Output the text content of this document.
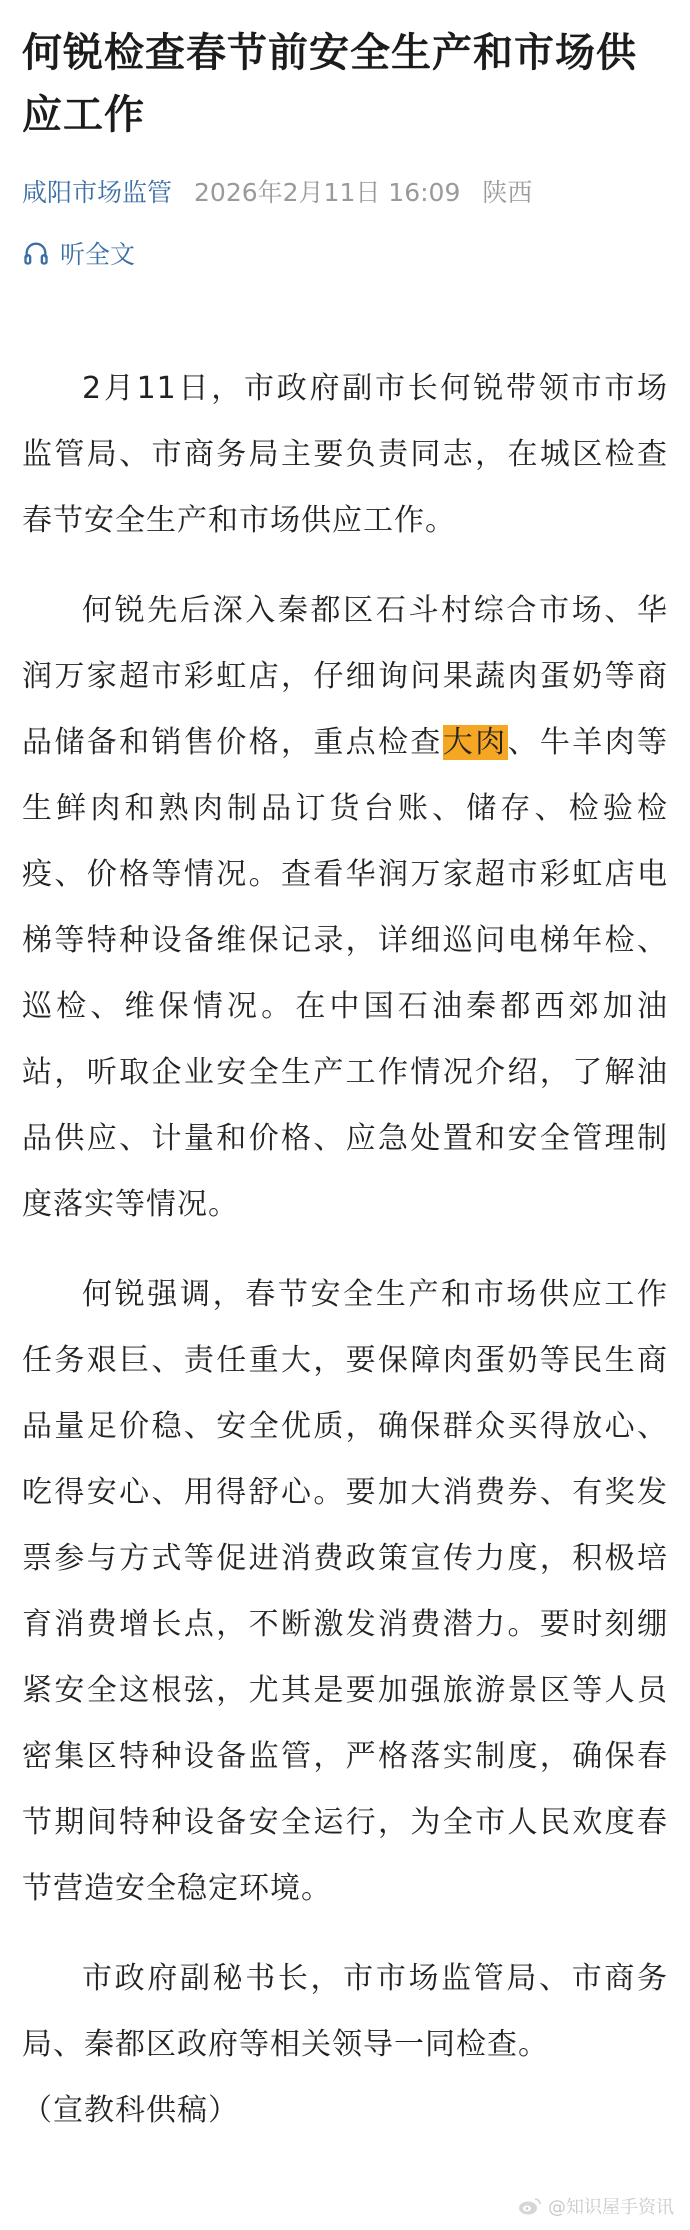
何锐检查春节前安全生产和市场供应工作
咸阳市场监管 2026年2月11日 16:09 陕西
听全文

2月11日，市政府副市长何锐带领市市场监管局、市商务局主要负责同志，在城区检查春节安全生产和市场供应工作。

何锐先后深入秦都区石斗村综合市场、华润万家超市彩虹店，仔细询问果蔬肉蛋奶等商品储备和销售价格，重点检查大肉、牛羊肉等生鲜肉和熟肉制品订货台账、储存、检验检疫、价格等情况。查看华润万家超市彩虹店电梯等特种设备维保记录，详细巡问电梯年检、巡检、维保情况。在中国石油秦都西郊加油站，听取企业安全生产工作情况介绍，了解油品供应、计量和价格、应急处置和安全管理制度落实等情况。

何锐强调，春节安全生产和市场供应工作任务艰巨、责任重大，要保障肉蛋奶等民生商品量足价稳、安全优质，确保群众买得放心、吃得安心、用得舒心。要加大消费券、有奖发票参与方式等促进消费政策宣传力度，积极培育消费增长点，不断激发消费潜力。要时刻绷紧安全这根弦，尤其是要加强旅游景区等人员密集区特种设备监管，严格落实制度，确保春节期间特种设备安全运行，为全市人民欢度春节营造安全稳定环境。

市政府副秘书长，市市场监管局、市商务局、秦都区政府等相关领导一同检查。

（宣教科供稿）
@知识屋手资讯
